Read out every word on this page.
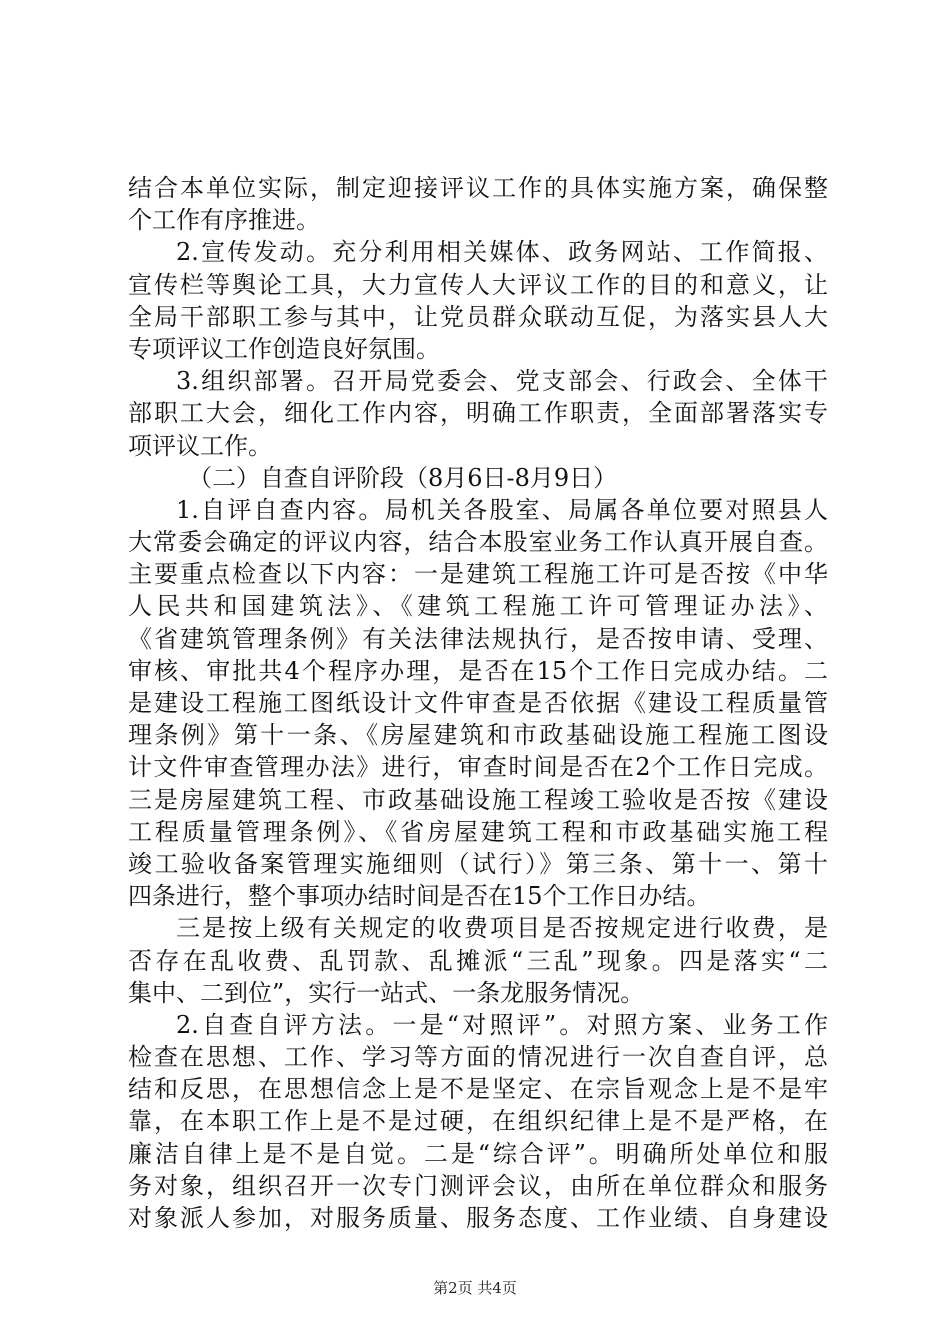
结合本单位实际，制定迎接评议工作的具体实施方案，确保整
个工作有序推进。
2.宣传发动。充分利用相关媒体、政务网站、工作简报、
宣传栏等舆论工具，大力宣传人大评议工作的目的和意义，让
全局干部职工参与其中，让党员群众联动互促，为落实县人大
专项评议工作创造良好氛围。
3.组织部署。召开局党委会、党支部会、行政会、全体干
部职工大会，细化工作内容，明确工作职责，全面部署落实专
项评议工作。
（二）自查自评阶段（8月6日-8月9日）
1.自评自查内容。局机关各股室、局属各单位要对照县人
大常委会确定的评议内容，结合本股室业务工作认真开展自查。
主要重点检查以下内容：一是建筑工程施工许可是否按《中华
人民共和国建筑法》、《建筑工程施工许可管理证办法》、
《省建筑管理条例》有关法律法规执行，是否按申请、受理、
审核、审批共4个程序办理，是否在15个工作日完成办结。二
是建设工程施工图纸设计文件审查是否依据《建设工程质量管
理条例》第十一条、《房屋建筑和市政基础设施工程施工图设
计文件审查管理办法》进行，审查时间是否在2个工作日完成。
三是房屋建筑工程、市政基础设施工程竣工验收是否按《建设
工程质量管理条例》、《省房屋建筑工程和市政基础实施工程
竣工验收备案管理实施细则（试行）》第三条、第十一、第十
四条进行，整个事项办结时间是否在15个工作日办结。
三是按上级有关规定的收费项目是否按规定进行收费，是
否存在乱收费、乱罚款、乱摊派“三乱”现象。四是落实“二
集中、二到位”，实行一站式、一条龙服务情况。
2.自查自评方法。一是“对照评”。对照方案、业务工作
检查在思想、工作、学习等方面的情况进行一次自查自评，总
结和反思，在思想信念上是不是坚定、在宗旨观念上是不是牢
靠，在本职工作上是不是过硬，在组织纪律上是不是严格，在
廉洁自律上是不是自觉。二是“综合评”。明确所处单位和服
务对象，组织召开一次专门测评会议，由所在单位群众和服务
对象派人参加，对服务质量、服务态度、工作业绩、自身建设
第2页 共4页
